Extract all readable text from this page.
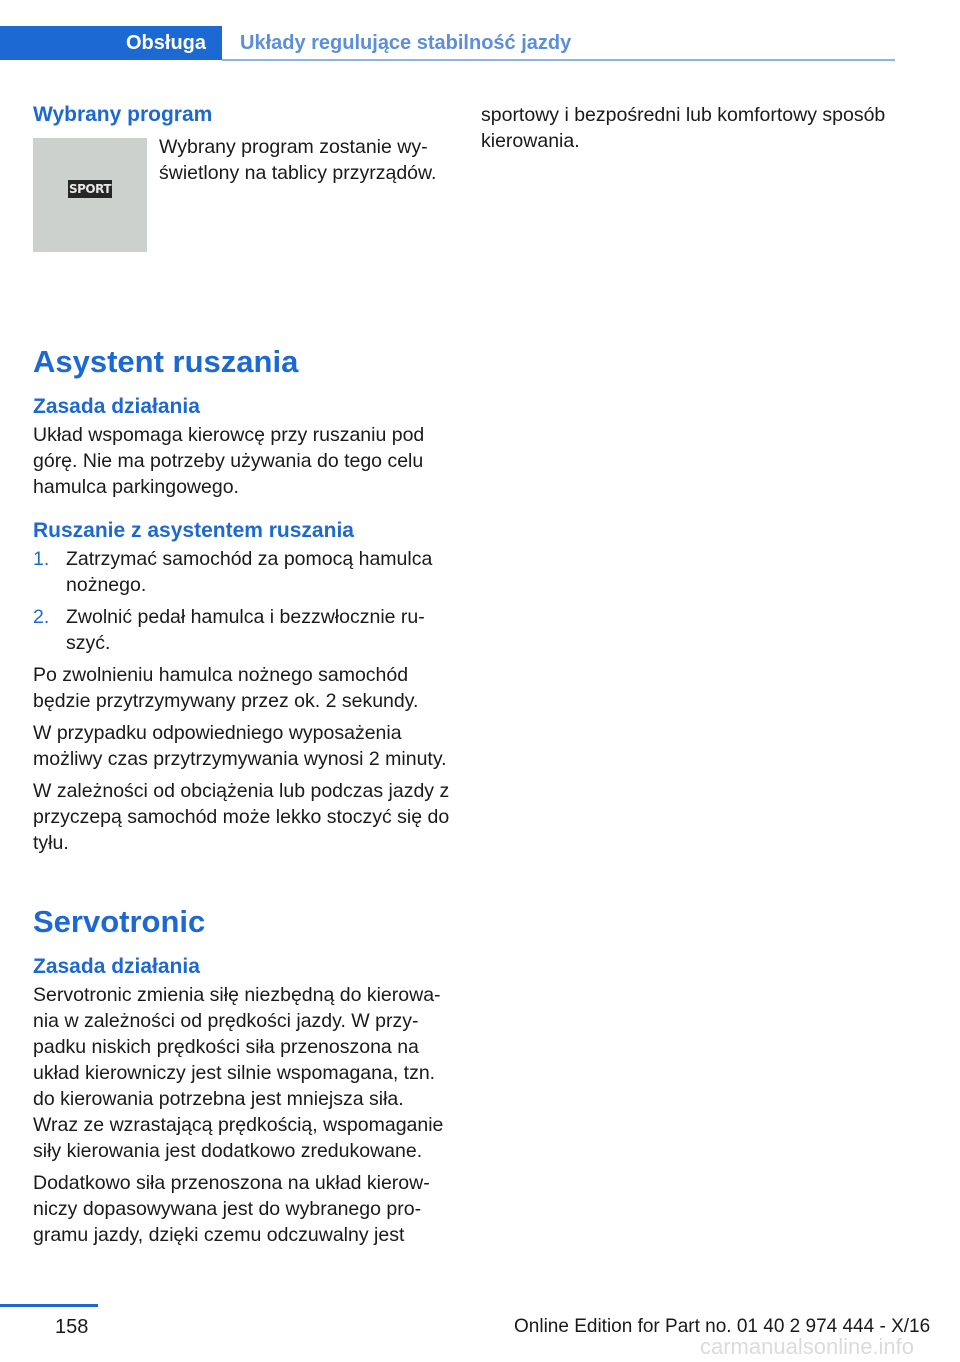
Obsługa	Układy regulujące stabilność jazdy
Wybrany program
SPORT

Wybrany program zostanie wyświetlony na tablicy przyrządów.

Asystent ruszania
Zasada działania

Układ wspomaga kierowcę przy ruszaniu pod górę. Nie ma potrzeby używania do tego celu hamulca parkingowego.

Ruszanie z asystentem ruszania
1. Zatrzymać samochód za pomocą hamulca nożnego.
2. Zwolnić pedał hamulca i bezzwłocznie ruszyć.

Po zwolnieniu hamulca nożnego samochód będzie przytrzymywany przez ok. 2 sekundy.

W przypadku odpowiedniego wyposażenia możliwy czas przytrzymywania wynosi 2 minuty.

W zależności od obciążenia lub podczas jazdy z przyczepą samochód może lekko stoczyć się do tyłu.

Servotronic
Zasada działania

Servotronic zmienia siłę niezbędną do kierowania w zależności od prędkości jazdy. W przypadku niskich prędkości siła przenoszona na układ kierowniczy jest silnie wspomagana, tzn. do kierowania potrzebna jest mniejsza siła. Wraz ze wzrastającą prędkością, wspomaganie siły kierowania jest dodatkowo zredukowane.

Dodatkowo siła przenoszona na układ kierowniczy dopasowywana jest do wybranego programu jazdy, dzięki czemu odczuwalny jest

sportowy i bezpośredni lub komfortowy sposób kierowania.

158	Online Edition for Part no. 01 40 2 974 444 - X/16
carmanualsonline.info
